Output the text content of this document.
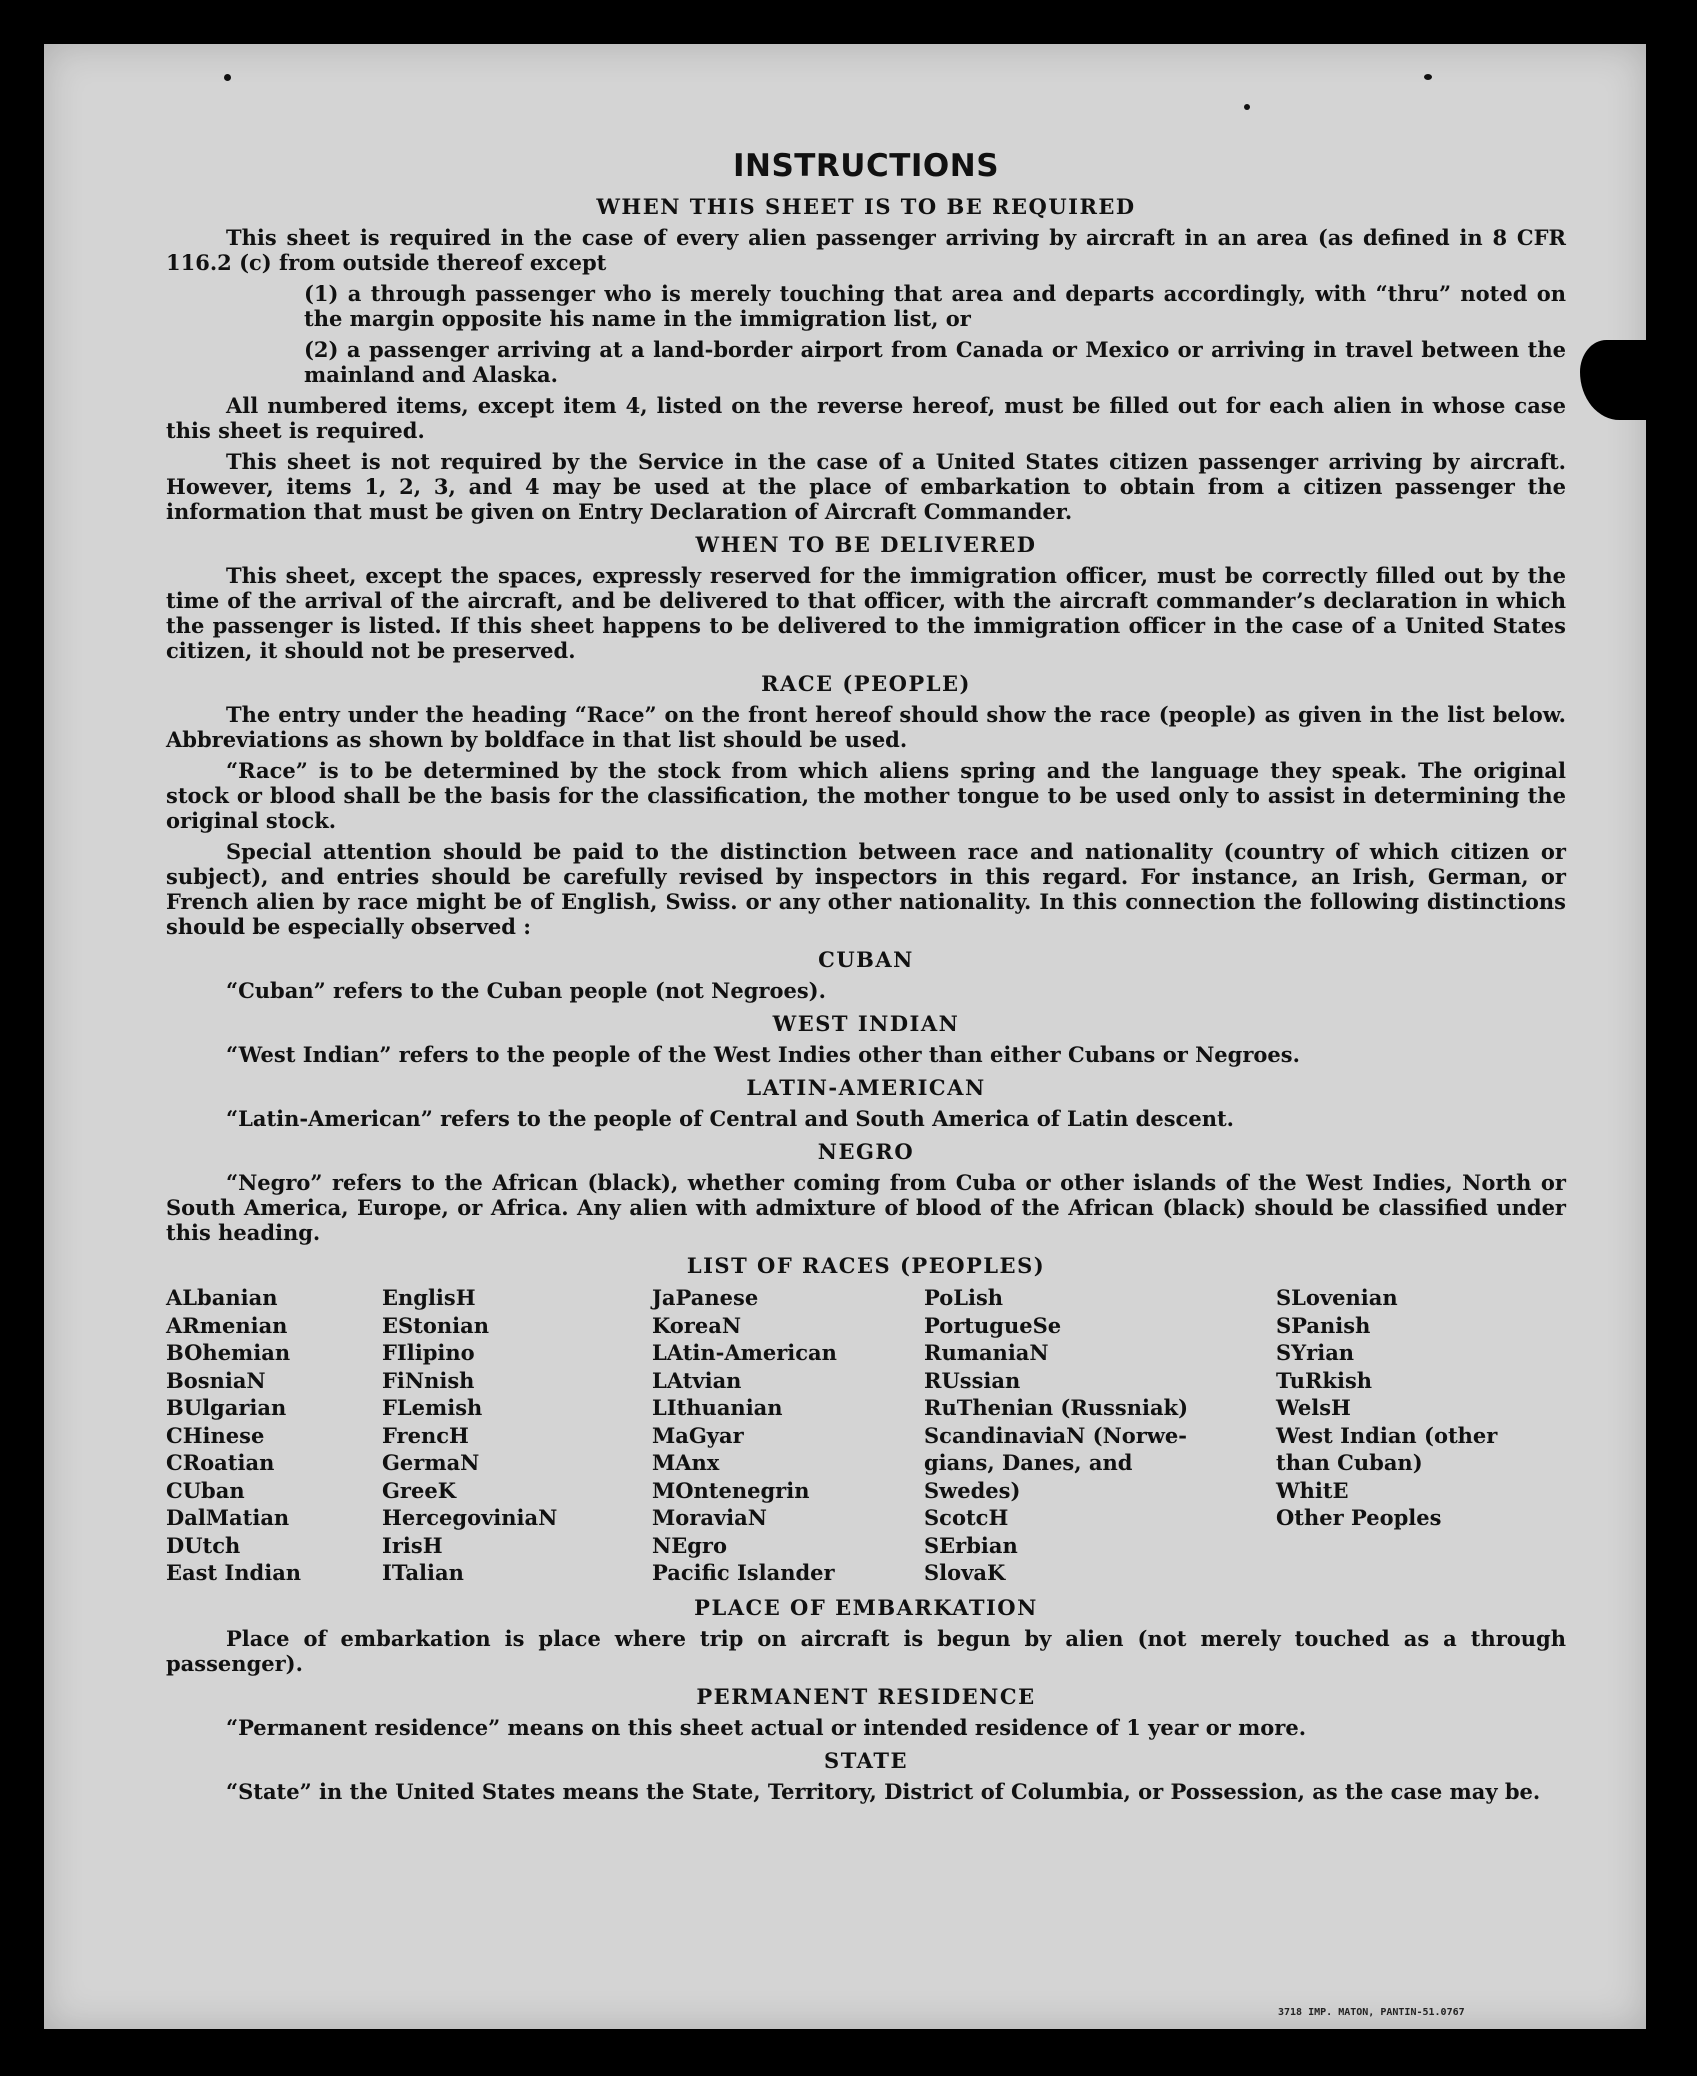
INSTRUCTIONS
WHEN THIS SHEET IS TO BE REQUIRED

This sheet is required in the case of every alien passenger arriving by aircraft in an area (as defined in 8 CFR 116.2 (c) from outside thereof except

(1) a through passenger who is merely touching that area and departs accordingly, with “thru” noted on the margin opposite his name in the immigration list, or
(2) a passenger arriving at a land-border airport from Canada or Mexico or arriving in travel between the mainland and Alaska.

All numbered items, except item 4, listed on the reverse hereof, must be filled out for each alien in whose case this sheet is required.

This sheet is not required by the Service in the case of a United States citizen passenger arriving by aircraft. However, items 1, 2, 3, and 4 may be used at the place of embarkation to obtain from a citizen passenger the information that must be given on Entry Declaration of Aircraft Commander.

WHEN TO BE DELIVERED

This sheet, except the spaces, expressly reserved for the immigration officer, must be correctly filled out by the time of the arrival of the aircraft, and be delivered to that officer, with the aircraft commander’s declaration in which the passenger is listed. If this sheet happens to be delivered to the immigration officer in the case of a United States citizen, it should not be preserved.

RACE (PEOPLE)

The entry under the heading “Race” on the front hereof should show the race (people) as given in the list below. Abbreviations as shown by boldface in that list should be used.

“Race” is to be determined by the stock from which aliens spring and the language they speak. The original stock or blood shall be the basis for the classification, the mother tongue to be used only to assist in determining the original stock.

Special attention should be paid to the distinction between race and nationality (country of which citizen or subject), and entries should be carefully revised by inspectors in this regard. For instance, an Irish, German, or French alien by race might be of English, Swiss. or any other nationality. In this connection the following distinctions should be especially observed :

CUBAN

“Cuban” refers to the Cuban people (not Negroes).

WEST INDIAN

“West Indian” refers to the people of the West Indies other than either Cubans or Negroes.

LATIN-AMERICAN

“Latin-American” refers to the people of Central and South America of Latin descent.

NEGRO

“Negro” refers to the African (black), whether coming from Cuba or other islands of the West Indies, North or South America, Europe, or Africa. Any alien with admixture of blood of the African (black) should be classified under this heading.

LIST OF RACES (PEOPLES)
ALbanian
ARmenian
BOhemian
BosniaN
BUlgarian
CHinese
CRoatian
CUban
DalMatian
DUtch
East Indian
EnglisH
EStonian
FIlipino
FiNnish
FLemish
FrencH
GermaN
GreeK
HercegoviniaN
IrisH
ITalian
JaPanese
KoreaN
LAtin-American
LAtvian
LIthuanian
MaGyar
MAnx
MOntenegrin
MoraviaN
NEgro
Pacific Islander
PoLish
PortugueSe
RumaniaN
RUssian
RuThenian (Russniak)
ScandinaviaN (Norwe-
gians, Danes, and
Swedes)
ScotcH
SErbian
SlovaK
SLovenian
SPanish
SYrian
TuRkish
WelsH
West Indian (other
than Cuban)
WhitE
Other Peoples
PLACE OF EMBARKATION

Place of embarkation is place where trip on aircraft is begun by alien (not merely touched as a through passenger).

PERMANENT RESIDENCE

“Permanent residence” means on this sheet actual or intended residence of 1 year or more.

STATE

“State” in the United States means the State, Territory, District of Columbia, or Possession, as the case may be.

3718 IMP. MATON, PANTIN-51.0767
